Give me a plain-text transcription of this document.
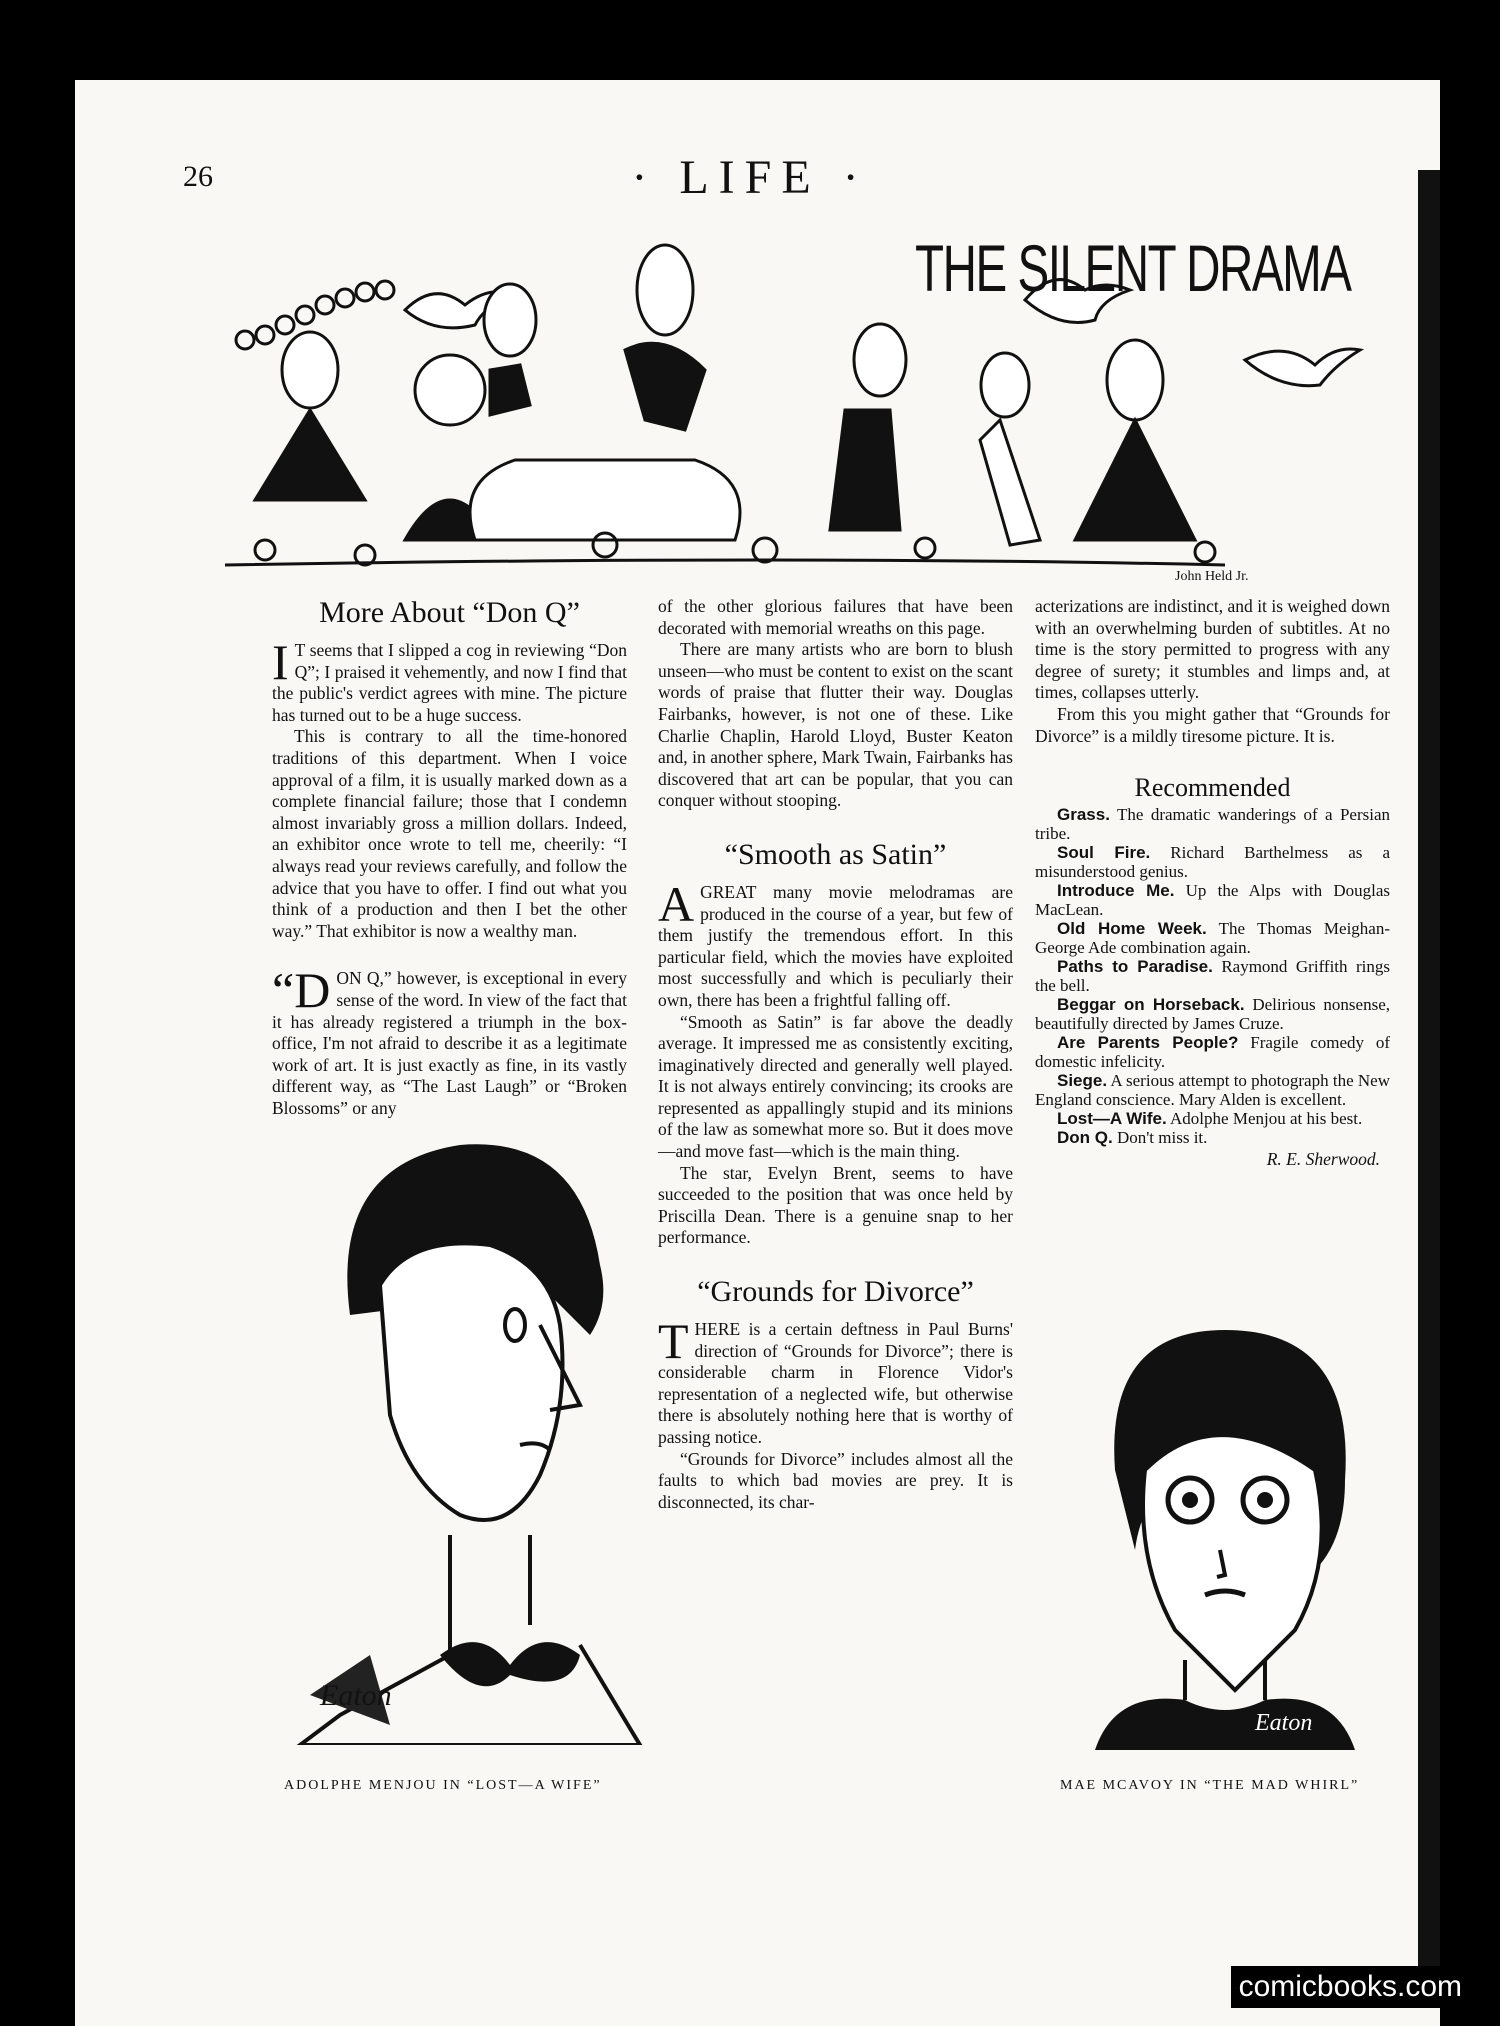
26	· LIFE ·
John Held Jr.
THE SILENT DRAMA
More About “Don Q”

I T seems that I slipped a cog in reviewing “Don Q”; I praised it vehemently, and now I find that the public's verdict agrees with mine. The picture has turned out to be a huge success.

This is contrary to all the time-honored traditions of this department. When I voice approval of a film, it is usually marked down as a complete financial failure; those that I condemn almost invariably gross a million dollars. Indeed, an exhibitor once wrote to tell me, cheerily: “I always read your reviews carefully, and follow the advice that you have to offer. I find out what you think of a production and then I bet the other way.” That exhibitor is now a wealthy man.

“DON Q,” however, is exceptional in every sense of the word. In view of the fact that it has already registered a triumph in the box-office, I'm not afraid to describe it as a legitimate work of art. It is just exactly as fine, in its vastly different way, as “The Last Laugh” or “Broken Blossoms” or any

of the other glorious failures that have been decorated with memorial wreaths on this page.

There are many artists who are born to blush unseen—who must be content to exist on the scant words of praise that flutter their way. Douglas Fairbanks, however, is not one of these. Like Charlie Chaplin, Harold Lloyd, Buster Keaton and, in another sphere, Mark Twain, Fairbanks has discovered that art can be popular, that you can conquer without stooping.

“Smooth as Satin”

AGREAT many movie melodramas are produced in the course of a year, but few of them justify the tremendous effort. In this particular field, which the movies have exploited most successfully and which is peculiarly their own, there has been a frightful falling off.

“Smooth as Satin” is far above the deadly average. It impressed me as consistently exciting, imaginatively directed and generally well played. It is not always entirely convincing; its crooks are represented as appallingly stupid and its minions of the law as somewhat more so. But it does move—and move fast—which is the main thing.

The star, Evelyn Brent, seems to have succeeded to the position that was once held by Priscilla Dean. There is a genuine snap to her performance.

“Grounds for Divorce”

THERE is a certain deftness in Paul Burns' direction of “Grounds for Divorce”; there is considerable charm in Florence Vidor's representation of a neglected wife, but otherwise there is absolutely nothing here that is worthy of passing notice.

“Grounds for Divorce” includes almost all the faults to which bad movies are prey. It is disconnected, its char-

acterizations are indistinct, and it is weighed down with an overwhelming burden of subtitles. At no time is the story permitted to progress with any degree of surety; it stumbles and limps and, at times, collapses utterly.

From this you might gather that “Grounds for Divorce” is a mildly tiresome picture. It is.

Recommended

Grass. The dramatic wanderings of a Persian tribe.

Soul Fire. Richard Barthelmess as a misunderstood genius.

Introduce Me. Up the Alps with Douglas MacLean.

Old Home Week. The Thomas Meighan-George Ade combination again.

Paths to Paradise. Raymond Griffith rings the bell.

Beggar on Horseback. Delirious nonsense, beautifully directed by James Cruze.

Are Parents People? Fragile comedy of domestic infelicity.

Siege. A serious attempt to photograph the New England conscience. Mary Alden is excellent.

Lost—A Wife. Adolphe Menjou at his best.

Don Q. Don't miss it.

R. E. Sherwood.
Eaton
ADOLPHE MENJOU IN “LOST—A WIFE”
Eaton
MAE MCAVOY IN “THE MAD WHIRL”
comicbooks.com
